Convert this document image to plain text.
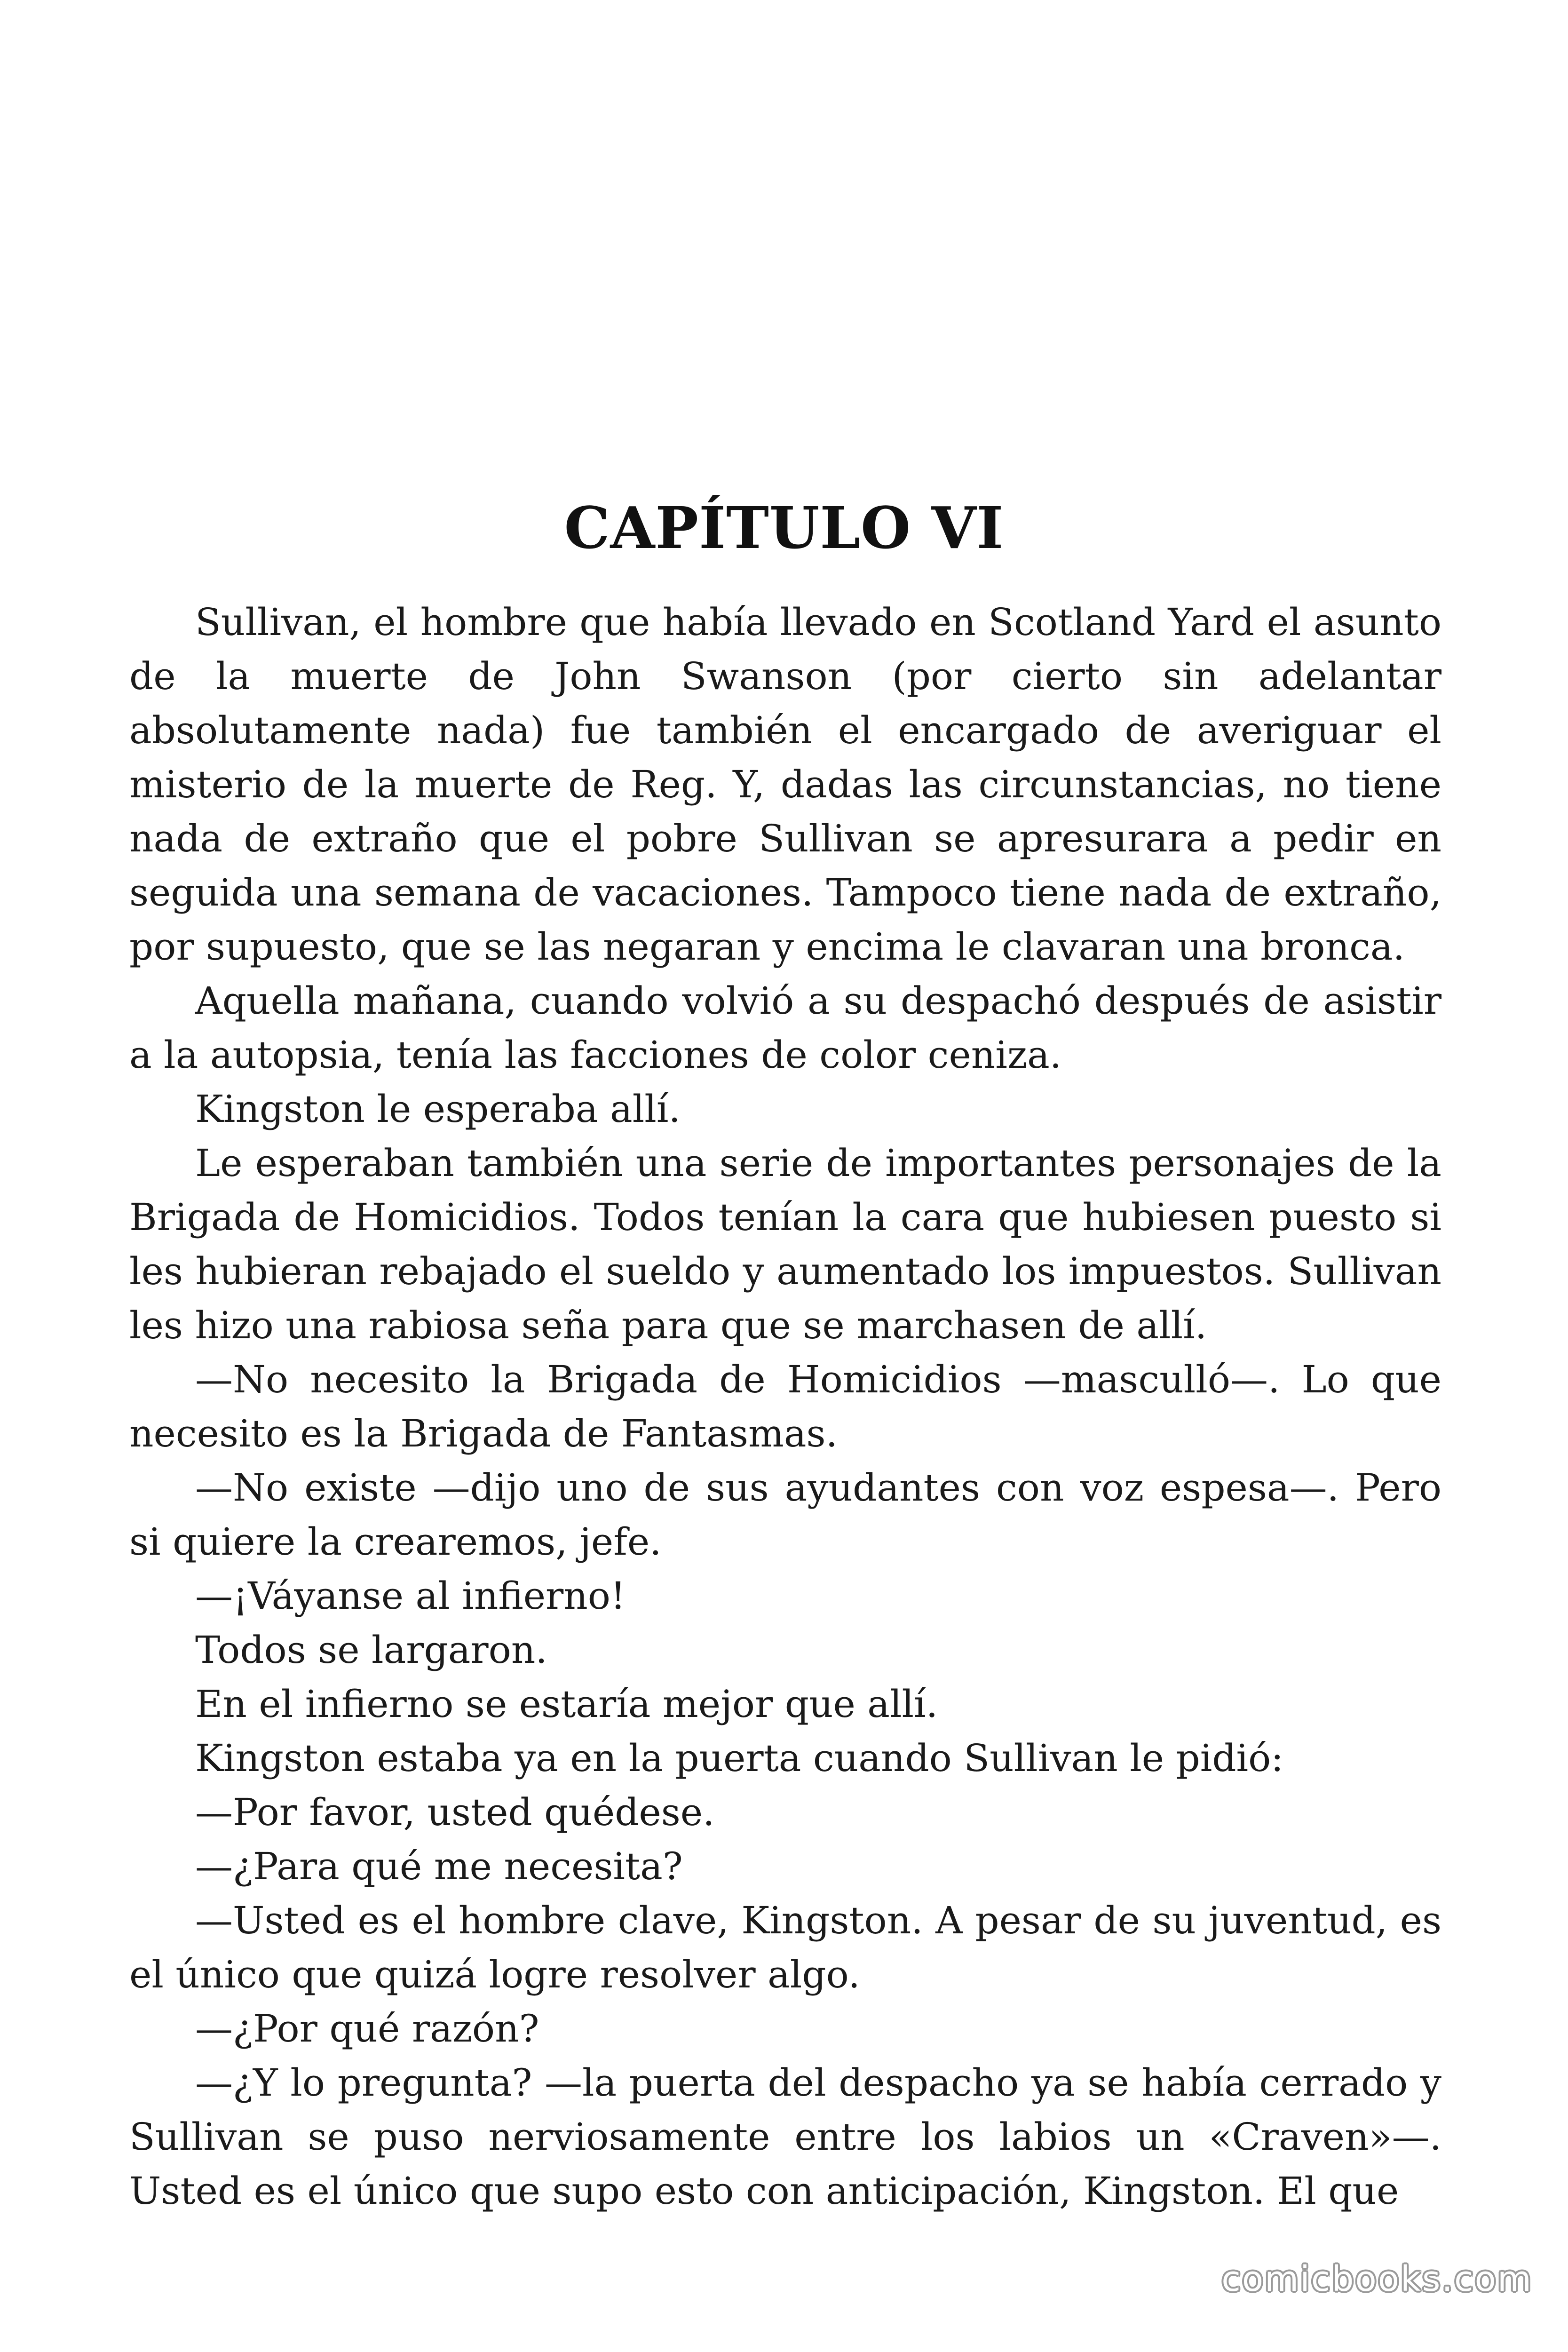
CAPÍTULO VI

Sullivan, el hombre que había llevado en Scotland Yard el asunto de la muerte de John Swanson (por cierto sin adelantar absolutamente nada) fue también el encargado de averiguar el misterio de la muerte de Reg. Y, dadas las circunstancias, no tiene nada de extraño que el pobre Sullivan se apresurara a pedir en seguida una semana de vacaciones. Tampoco tiene nada de extraño, por supuesto, que se las negaran y encima le clavaran una bronca.

Aquella mañana, cuando volvió a su despachó después de asistir a la autopsia, tenía las facciones de color ceniza.

Kingston le esperaba allí.

Le esperaban también una serie de importantes personajes de la Brigada de Homicidios. Todos tenían la cara que hubiesen puesto si les hubieran rebajado el sueldo y aumentado los impuestos. Sullivan les hizo una rabiosa seña para que se marchasen de allí.

—No necesito la Brigada de Homicidios —masculló—. Lo que necesito es la Brigada de Fantasmas.

—No existe —dijo uno de sus ayudantes con voz espesa—. Pero si quiere la crearemos, jefe.

—¡Váyanse al infierno!

Todos se largaron.

En el infierno se estaría mejor que allí.

Kingston estaba ya en la puerta cuando Sullivan le pidió:

—Por favor, usted quédese.

—¿Para qué me necesita?

—Usted es el hombre clave, Kingston. A pesar de su juventud, es el único que quizá logre resolver algo.

—¿Por qué razón?

—¿Y lo pregunta? —la puerta del despacho ya se había cerrado y Sullivan se puso nerviosamente entre los labios un «Craven»—. Usted es el único que supo esto con anticipación, Kingston. El que

comicbooks.com
